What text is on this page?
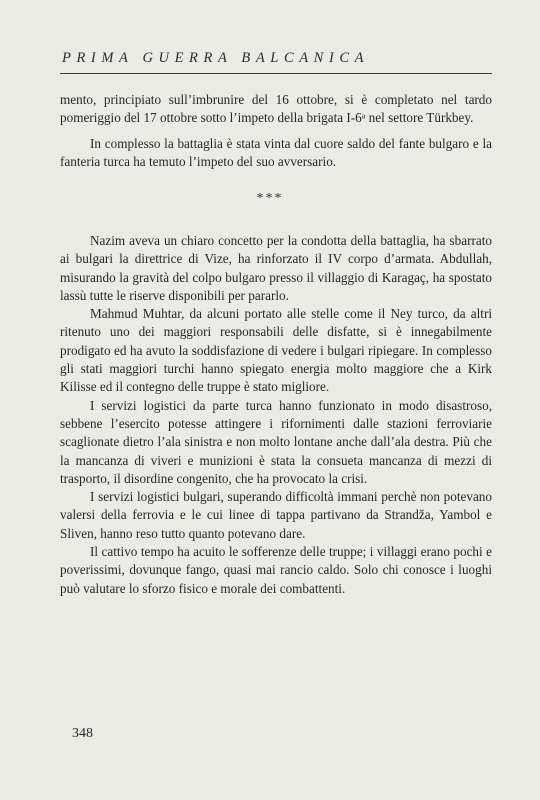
PRIMA GUERRA BALCANICA

mento, principiato sull’imbrunire del 16 ottobre, si è completato nel tardo pomeriggio del 17 ottobre sotto l’impeto della brigata I-6ᵃ nel settore Türkbey.

In complesso la battaglia è stata vinta dal cuore saldo del fante bulgaro e la fanteria turca ha temuto l’impeto del suo avversario.

***

Nazim aveva un chiaro concetto per la condotta della battaglia, ha sbarrato ai bulgari la direttrice di Vize, ha rinforzato il IV corpo d’armata. Abdullah, misurando la gravità del colpo bulgaro presso il villaggio di Karagaç, ha spostato lassù tutte le riserve disponibili per pararlo.

Mahmud Muhtar, da alcuni portato alle stelle come il Ney turco, da altri ritenuto uno dei maggiori responsabili delle disfatte, si è innegabilmente prodigato ed ha avuto la soddisfazione di vedere i bulgari ripiegare. In complesso gli stati maggiori turchi hanno spiegato energia molto maggiore che a Kirk Kilisse ed il contegno delle truppe è stato migliore.

I servizi logistici da parte turca hanno funzionato in modo disastroso, sebbene l’esercito potesse attingere i rifornimenti dalle stazioni ferroviarie scaglionate dietro l’ala sinistra e non molto lontane anche dall’ala destra. Più che la mancanza di viveri e munizioni è stata la consueta mancanza di mezzi di trasporto, il disordine congenito, che ha provocato la crisi.

I servizi logistici bulgari, superando difficoltà immani perchè non potevano valersi della ferrovia e le cui linee di tappa partivano da Strandža, Yambol e Sliven, hanno reso tutto quanto potevano dare.

Il cattivo tempo ha acuito le sofferenze delle truppe; i villaggi erano pochi e poverissimi, dovunque fango, quasi mai rancio caldo. Solo chi conosce i luoghi può valutare lo sforzo fisico e morale dei combattenti.

348
